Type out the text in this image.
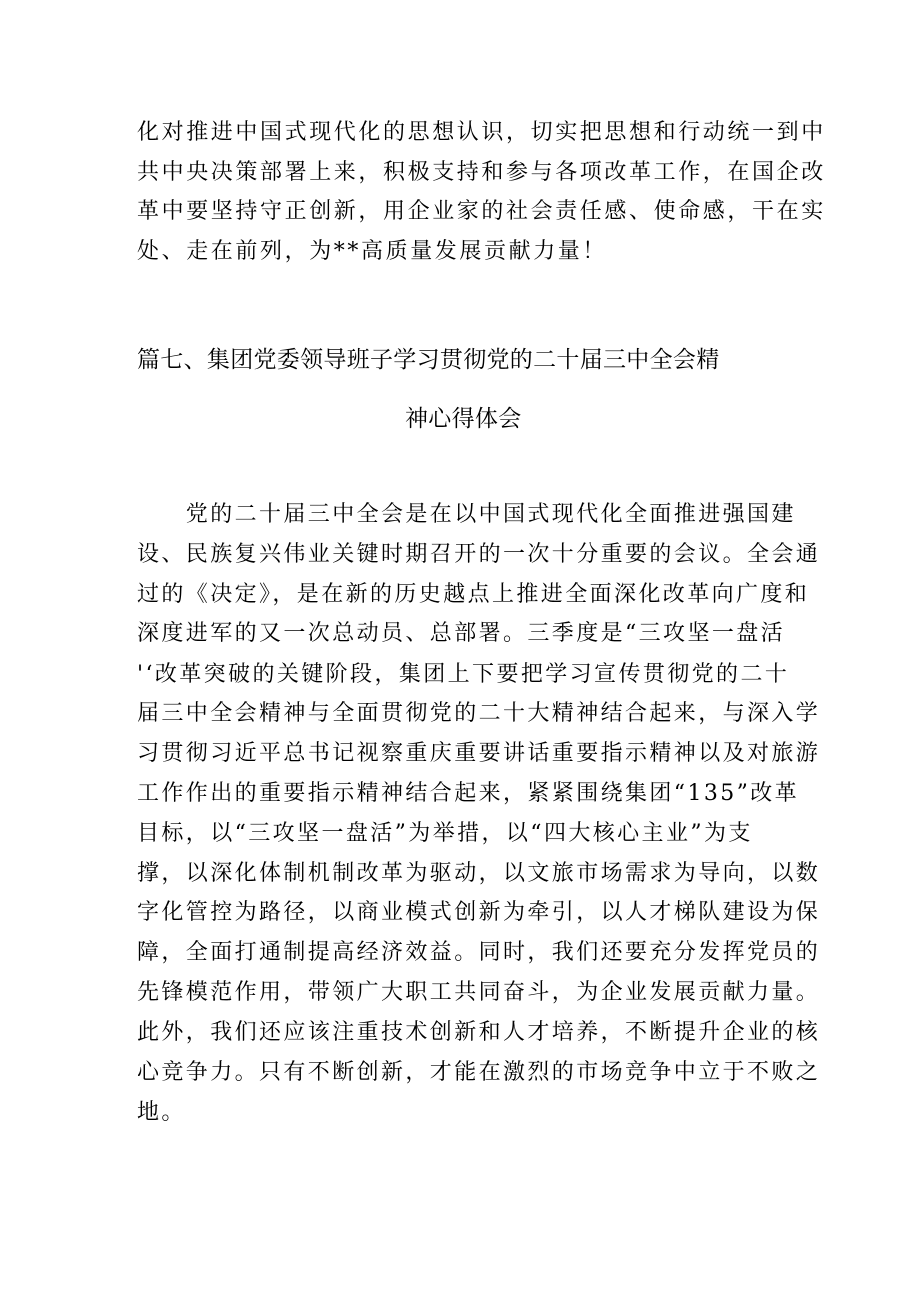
化对推进中国式现代化的思想认识，切实把思想和行动统一到中
共中央决策部署上来，积极支持和参与各项改革工作，在国企改
革中要坚持守正创新，用企业家的社会责任感、使命感，干在实
处、走在前列，为**高质量发展贡献力量！
篇七、集团党委领导班子学习贯彻党的二十届三中全会精
神心得体会
　　党的二十届三中全会是在以中国式现代化全面推进强国建
设、民族复兴伟业关键时期召开的一次十分重要的会议。全会通
过的《决定》，是在新的历史越点上推进全面深化改革向广度和
深度进军的又一次总动员、总部署。三季度是“三攻坚一盘活
'‘改革突破的关键阶段，集团上下要把学习宣传贯彻党的二十
届三中全会精神与全面贯彻党的二十大精神结合起来，与深入学
习贯彻习近平总书记视察重庆重要讲话重要指示精神以及对旅游
工作作出的重要指示精神结合起来，紧紧围绕集团“135”改革
目标，以“三攻坚一盘活”为举措，以“四大核心主业”为支
撑，以深化体制机制改革为驱动，以文旅市场需求为导向，以数
字化管控为路径，以商业模式创新为牵引，以人才梯队建设为保
障，全面打通制提高经济效益。同时，我们还要充分发挥党员的
先锋模范作用，带领广大职工共同奋斗，为企业发展贡献力量。
此外，我们还应该注重技术创新和人才培养，不断提升企业的核
心竞争力。只有不断创新，才能在激烈的市场竞争中立于不败之
地。
